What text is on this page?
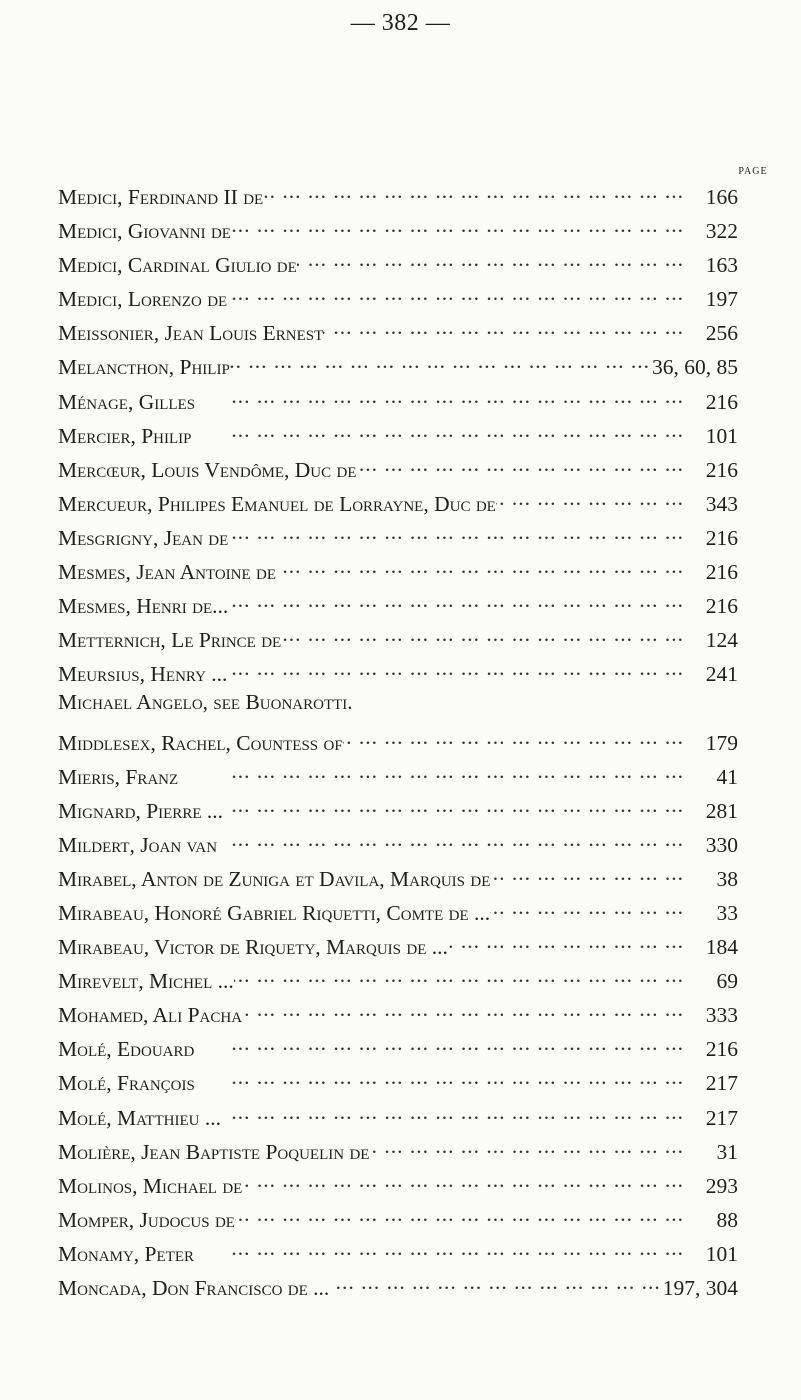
— 382 —
PAGE
Medici, Ferdinand II de ... .	166
Medici, Giovanni de ... .	322
Medici, Cardinal Giulio de ... .	163
Medici, Lorenzo de ... .	197
Meissonier, Jean Louis Ernest ... .	256
Melancthon, Philip ... .	36, 60, 85
Ménage, Gilles ... .	216
Mercier, Philip ... .	101
Mercœur, Louis Vendôme, Duc de ... .	216
Mercueur, Philipes Emanuel de Lorrayne, Duc de ... .	343
Mesgrigny, Jean de ... .	216
Mesmes, Jean Antoine de ... .	216
Mesmes, Henri de... ... .	216
Metternich, Le Prince de ... .	124
Meursius, Henry ... ... .	241
Michael Angelo, see Buonarotti.
Middlesex, Rachel, Countess of ... .	179
Mieris, Franz ... .	41
Mignard, Pierre ... ... .	281
Mildert, Joan van ... .	330
Mirabel, Anton de Zuniga et Davila, Marquis de ... .	38
Mirabeau, Honoré Gabriel Riquetti, Comte de ... ... .	33
Mirabeau, Victor de Riquety, Marquis de ... ... .	184
Mirevelt, Michel ... ... .	69
Mohamed, Ali Pacha ... .	333
Molé, Edouard ... .	216
Molé, François ... .	217
Molé, Matthieu ... ... .	217
Molière, Jean Baptiste Poquelin de ... .	31
Molinos, Michael de ... .	293
Momper, Judocus de ... .	88
Monamy, Peter ... .	101
Moncada, Don Francisco de ... ... .	197, 304
